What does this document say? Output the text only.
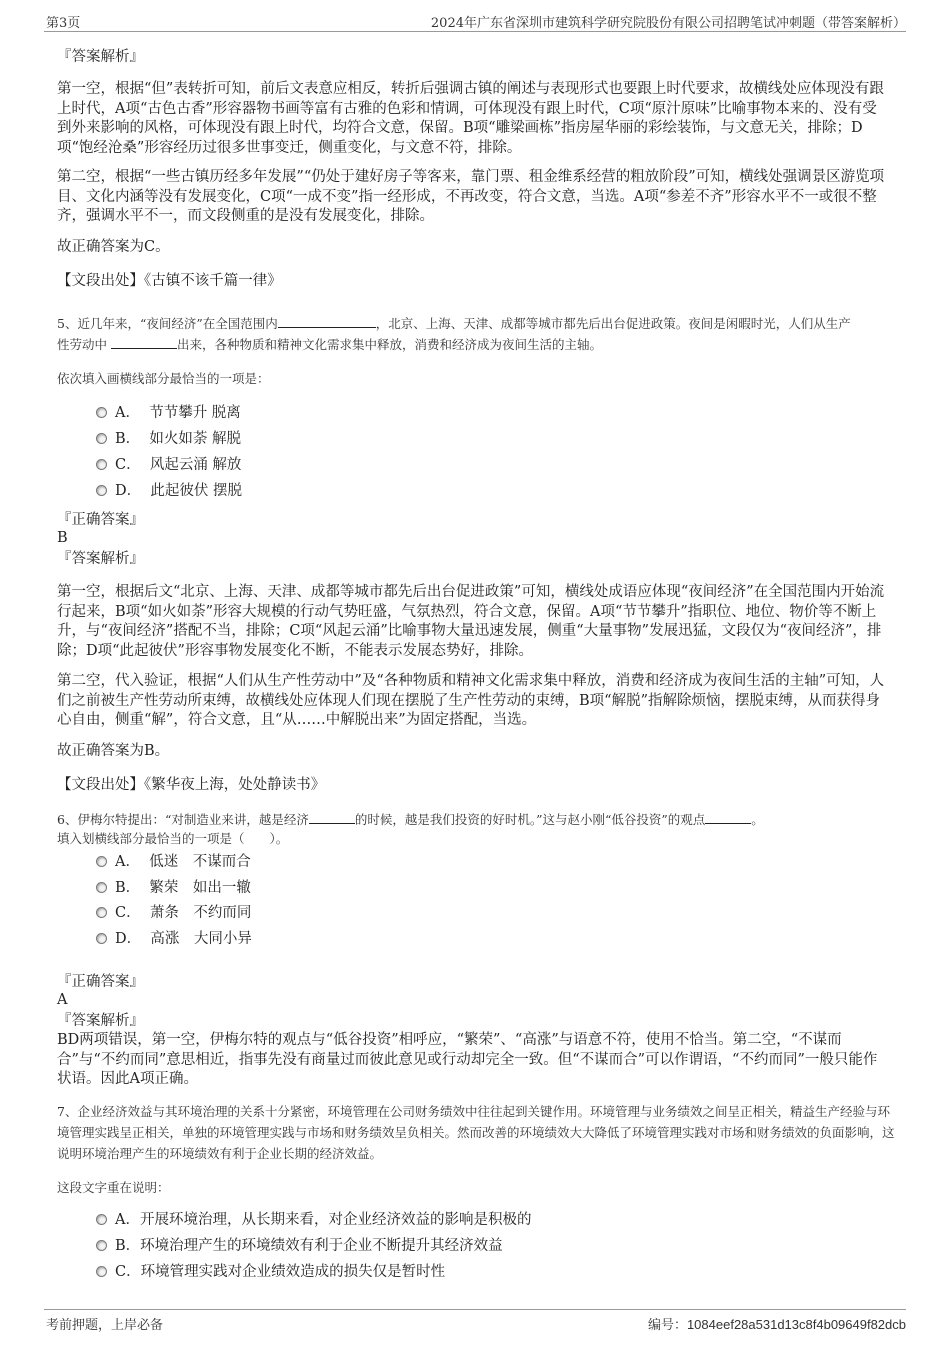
第3页	2024年广东省深圳市建筑科学研究院股份有限公司招聘笔试冲刺题（带答案解析）
『答案解析』
第一空，根据“但”表转折可知，前后文表意应相反，转折后强调古镇的阐述与表现形式也要跟上时代要求，故横线处应体现没有跟上时代，A项“古色古香”形容器物书画等富有古雅的色彩和情调，可体现没有跟上时代，C项“原汁原味”比喻事物本来的、没有受到外来影响的风格，可体现没有跟上时代，均符合文意，保留。B项“雕梁画栋”指房屋华丽的彩绘装饰，与文意无关，排除；D项“饱经沧桑”形容经历过很多世事变迁，侧重变化，与文意不符，排除。
第二空，根据“一些古镇历经多年发展”“仍处于建好房子等客来，靠门票、租金维系经营的粗放阶段”可知，横线处强调景区游览项目、文化内涵等没有发展变化，C项“一成不变”指一经形成，不再改变，符合文意，当选。A项“参差不齐”形容水平不一或很不整齐，强调水平不一，而文段侧重的是没有发展变化，排除。
故正确答案为C。
【文段出处】《古镇不该千篇一律》
5、近几年来，“夜间经济”在全国范围内	，北京、上海、天津、成都等城市都先后出台促进政策。夜间是闲暇时光，人们从生产
性劳动中	出来，各种物质和精神文化需求集中释放，消费和经济成为夜间生活的主轴。
依次填入画横线部分最恰当的一项是：
A． 节节攀升 脱离
B． 如火如荼 解脱
C． 风起云涌 解放
D． 此起彼伏 摆脱
『正确答案』
B
『答案解析』
第一空，根据后文“北京、上海、天津、成都等城市都先后出台促进政策”可知，横线处成语应体现“夜间经济”在全国范围内开始流行起来，B项“如火如荼”形容大规模的行动气势旺盛，气氛热烈，符合文意，保留。A项“节节攀升”指职位、地位、物价等不断上升，与“夜间经济”搭配不当，排除；C项“风起云涌”比喻事物大量迅速发展，侧重“大量事物”发展迅猛，文段仅为“夜间经济”，排除；D项“此起彼伏”形容事物发展变化不断，不能表示发展态势好，排除。
第二空，代入验证，根据“人们从生产性劳动中”及“各种物质和精神文化需求集中释放，消费和经济成为夜间生活的主轴”可知，人们之前被生产性劳动所束缚，故横线处应体现人们现在摆脱了生产性劳动的束缚，B项“解脱”指解除烦恼，摆脱束缚，从而获得身心自由，侧重“解”，符合文意，且“从……中解脱出来”为固定搭配，当选。
故正确答案为B。
【文段出处】《繁华夜上海，处处静读书》
6、伊梅尔特提出：“对制造业来讲，越是经济	的时候，越是我们投资的好时机。”这与赵小刚“低谷投资”的观点	。
填入划横线部分最恰当的一项是（　　）。
A． 低迷　不谋而合
B． 繁荣　如出一辙
C． 萧条　不约而同
D． 高涨　大同小异
『正确答案』
A
『答案解析』
BD两项错误，第一空，伊梅尔特的观点与“低谷投资”相呼应，“繁荣”、“高涨”与语意不符，使用不恰当。第二空，“不谋而合”与“不约而同”意思相近，指事先没有商量过而彼此意见或行动却完全一致。但“不谋而合”可以作谓语，“不约而同”一般只能作状语。因此A项正确。
7、企业经济效益与其环境治理的关系十分紧密，环境管理在公司财务绩效中往往起到关键作用。环境管理与业务绩效之间呈正相关，精益生产经验与环境管理实践呈正相关，单独的环境管理实践与市场和财务绩效呈负相关。然而改善的环境绩效大大降低了环境管理实践对市场和财务绩效的负面影响，这说明环境治理产生的环境绩效有利于企业长期的经济效益。
这段文字重在说明：
A．开展环境治理，从长期来看，对企业经济效益的影响是积极的
B．环境治理产生的环境绩效有利于企业不断提升其经济效益
C．环境管理实践对企业绩效造成的损失仅是暂时性
考前押题，上岸必备	编号：1084eef28a531d13c8f4b09649f82dcb
